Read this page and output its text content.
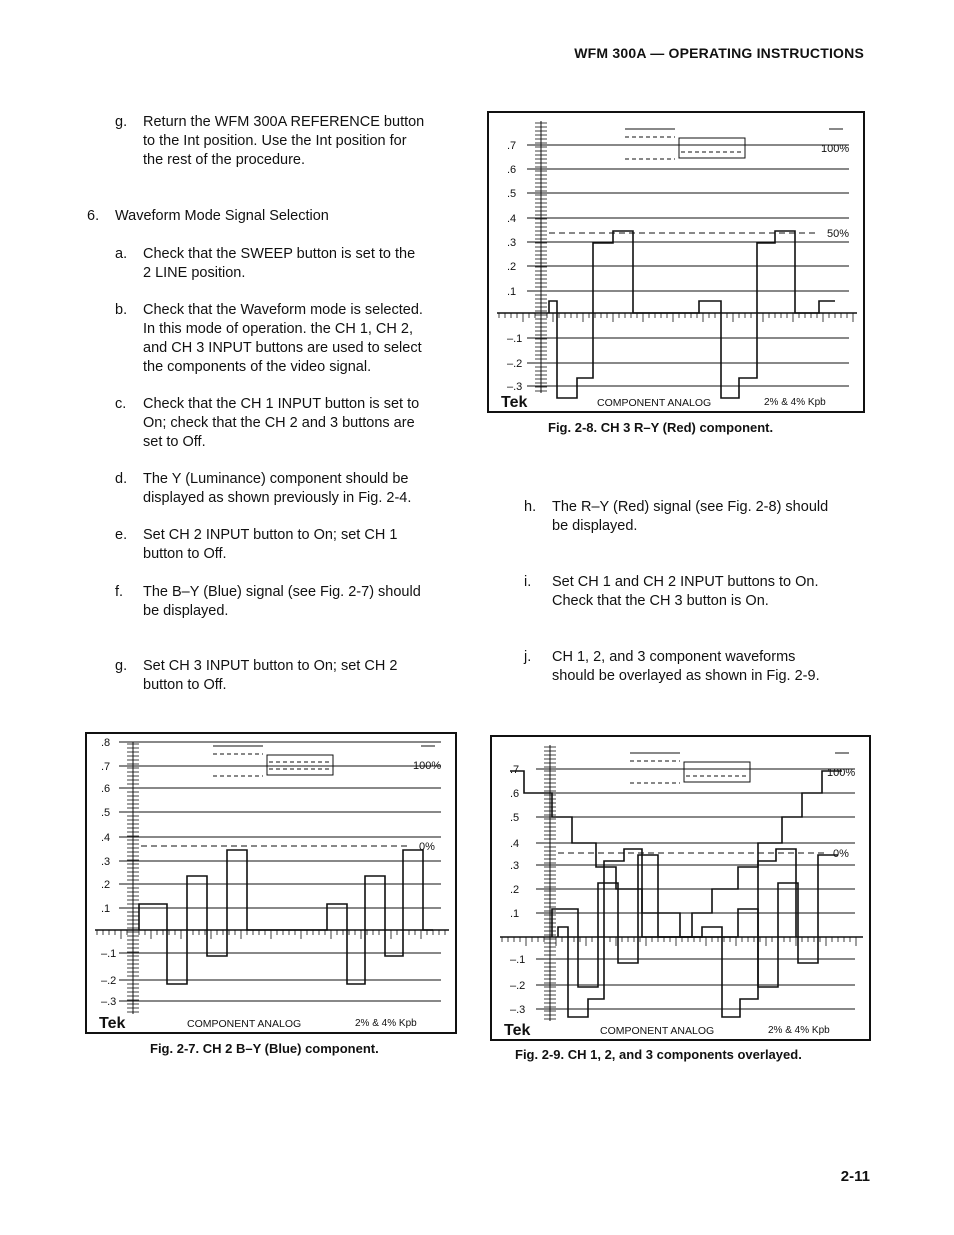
WFM 300A — OPERATING INSTRUCTIONS
g. Return the WFM 300A REFERENCE button
to the Int position. Use the Int position for
the rest of the procedure.
6. Waveform Mode Signal Selection
a. Check that the SWEEP button is set to the
2 LINE position.
b. Check that the Waveform mode is selected.
In this mode of operation. the CH 1, CH 2,
and CH 3 INPUT buttons are used to select
the components of the video signal.
c. Check that the CH 1 INPUT button is set to
On; check that the CH 2 and 3 buttons are
set to Off.
d. The Y (Luminance) component should be
displayed as shown previously in Fig. 2-4.
e. Set CH 2 INPUT button to On; set CH 1
button to Off.
f. The B–Y (Blue) signal (see Fig. 2-7) should
be displayed.
g. Set CH 3 INPUT button to On; set CH 2
button to Off.
h. The R–Y (Red) signal (see Fig. 2-8) should
be displayed.
i. Set CH 1 and CH 2 INPUT buttons to On.
Check that the CH 3 button is On.
j. CH 1, 2, and 3 component waveforms
should be overlayed as shown in Fig. 2-9.
.7
.6
.5
.4
.3
.2
.1
–.1
–.2
–.3
100%
50%
Tek	COMPONENT ANALOG	2% & 4% Kpb
Fig. 2-8. CH 3 R–Y (Red) component.
.8
.7
.6
.5
.4
.3
.2
.1
–.1
–.2
–.3
100%
0%
Tek	COMPONENT ANALOG	2% & 4% Kpb
Fig. 2-7. CH 2 B–Y (Blue) component.
.7
.6
.5
.4
.3
.2
.1
–.1
–.2
–.3
100%
0%
Tek	COMPONENT ANALOG	2% & 4% Kpb
Fig. 2-9. CH 1, 2, and 3 components overlayed.
2-11
